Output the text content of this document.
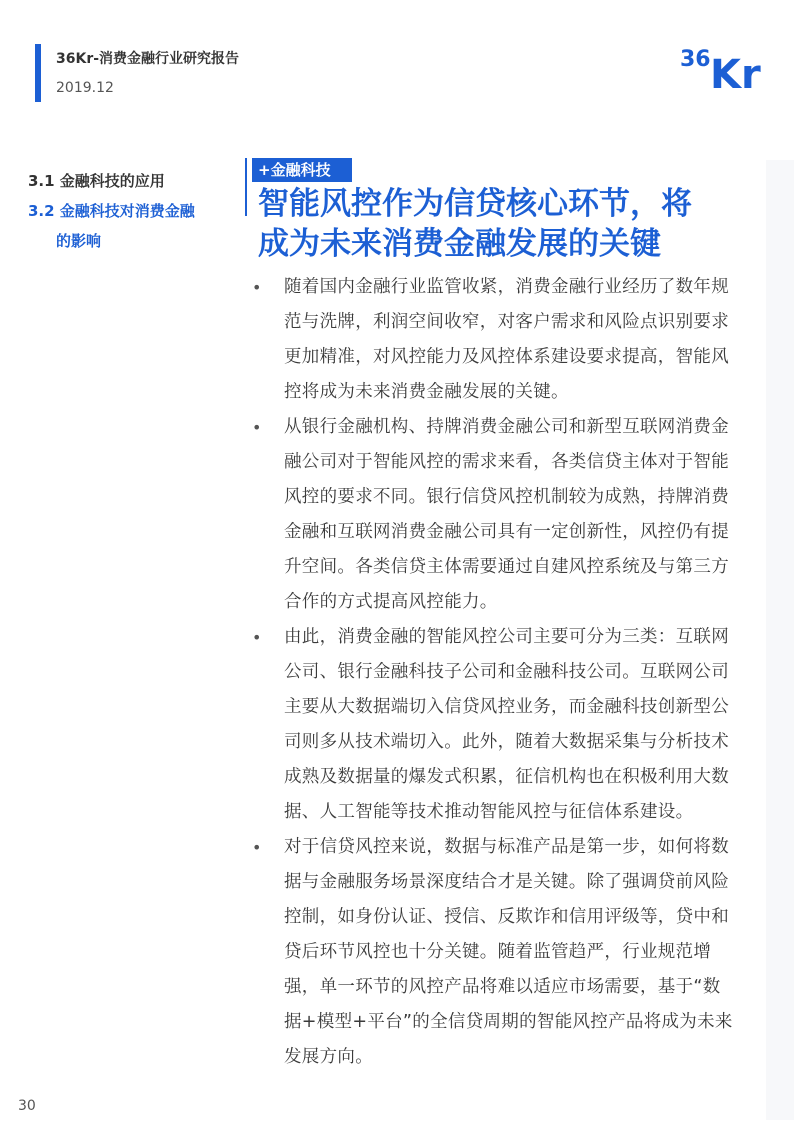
36Kr-消费金融行业研究报告
2019.12
36 Kr
3.1 金融科技的应用
3.2 金融科技对消费金融
的影响
+金融科技
智能风控作为信贷核心环节，将
成为未来消费金融发展的关键
• 随着国内金融行业监管收紧，消费金融行业经历了数年规范与洗牌，利润空间收窄，对客户需求和风险点识别要求更加精准，对风控能力及风控体系建设要求提高，智能风控将成为未来消费金融发展的关键。
• 从银行金融机构、持牌消费金融公司和新型互联网消费金融公司对于智能风控的需求来看，各类信贷主体对于智能风控的要求不同。银行信贷风控机制较为成熟，持牌消费金融和互联网消费金融公司具有一定创新性，风控仍有提升空间。各类信贷主体需要通过自建风控系统及与第三方合作的方式提高风控能力。
• 由此，消费金融的智能风控公司主要可分为三类：互联网公司、银行金融科技子公司和金融科技公司。互联网公司主要从大数据端切入信贷风控业务，而金融科技创新型公司则多从技术端切入。此外，随着大数据采集与分析技术成熟及数据量的爆发式积累，征信机构也在积极利用大数据、人工智能等技术推动智能风控与征信体系建设。
• 对于信贷风控来说，数据与标准产品是第一步，如何将数据与金融服务场景深度结合才是关键。除了强调贷前风险控制，如身份认证、授信、反欺诈和信用评级等，贷中和贷后环节风控也十分关键。随着监管趋严，行业规范增强，单一环节的风控产品将难以适应市场需要，基于“数据+模型+平台”的全信贷周期的智能风控产品将成为未来发展方向。
30
